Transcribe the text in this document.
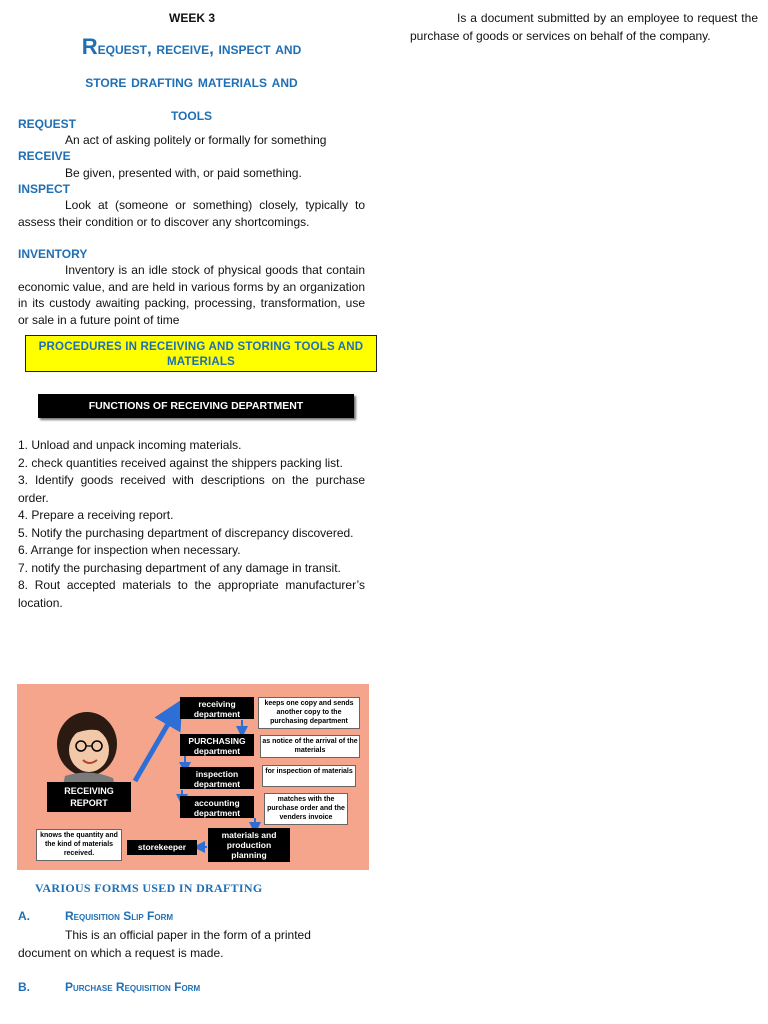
WEEK 3
Request, receive, inspect and
store drafting materials and
tools
REQUEST
An act of asking politely or formally for something
RECEIVE
Be given, presented with, or paid something.
INSPECT
Look at (someone or something) closely, typically to assess their condition or to discover any shortcomings.
INVENTORY
Inventory is an idle stock of physical goods that contain economic value, and are held in various forms by an organization in its custody awaiting packing, processing, transformation, use or sale in a future point of time
PROCEDURES IN RECEIVING AND STORING TOOLS AND MATERIALS
FUNCTIONS OF RECEIVING DEPARTMENT
1. Unload and unpack incoming materials.
2. check quantities received against the shippers packing list.
3. Identify goods received with descriptions on the purchase order.
4. Prepare a receiving report.
5. Notify the purchasing department of discrepancy discovered.
6. Arrange for inspection when necessary.
7. notify the purchasing department of any damage in transit.
8. Rout accepted materials to the appropriate manufacturer’s location.
RECEIVING REPORT
receiving department
keeps one copy and sends another copy to the purchasing department
PURCHASING department
as notice of the arrival of the materials
inspection department
for inspection of materials
accounting department
matches with the purchase order and the venders invoice
materials and production planning
storekeeper
knows the quantity and the kind of materials received.
VARIOUS FORMS USED IN DRAFTING
A.	Requisition Slip Form
This is an official paper in the form of a printed document on which a request is made.
B.	Purchase Requisition Form
Is a document submitted by an employee to request the purchase of goods or services on behalf of the company.
